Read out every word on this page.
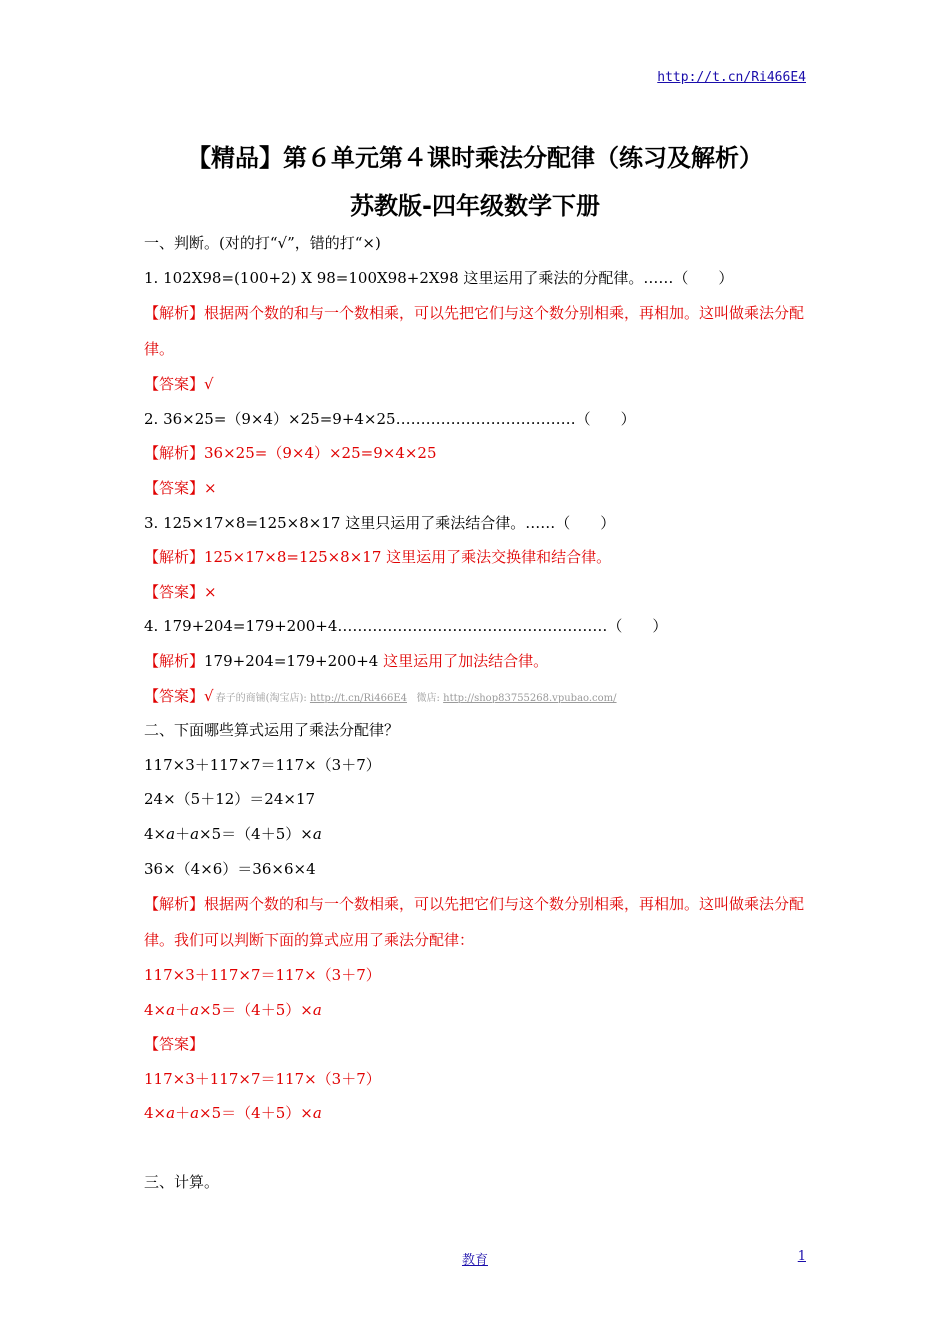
http://t.cn/Ri466E4
【精品】第６单元第４课时乘法分配律（练习及解析）
苏教版-四年级数学下册
一、判断。(对的打“√”，错的打“×)
1. 102X98=(100+2) X 98=100X98+2X98 这里运用了乘法的分配律。……（　　）
【解析】根据两个数的和与一个数相乘，可以先把它们与这个数分别相乘，再相加。这叫做乘法分配律。
【答案】√
2. 36×25=（9×4）×25=9+4×25………………………………（　　）
【解析】36×25=（9×4）×25=9×4×25
【答案】×
3. 125×17×8=125×8×17 这里只运用了乘法结合律。……（　　）
【解析】125×17×8=125×8×17 这里运用了乘法交换律和结合律。
【答案】×
4. 179+204=179+200+4………………………………………………（　　）
【解析】179+204=179+200+4 这里运用了加法结合律。
【答案】√ 春子的商铺(淘宝店): http://t.cn/Ri466E4 微店: http://shop83755268.vpubao.com/
二、下面哪些算式运用了乘法分配律？
117×3＋117×7＝117×（3＋7）
24×（5＋12）＝24×17
4×a＋a×5＝（4＋5）×a
36×（4×6）＝36×6×4
【解析】根据两个数的和与一个数相乘，可以先把它们与这个数分别相乘，再相加。这叫做乘法分配律。我们可以判断下面的算式应用了乘法分配律：
117×3＋117×7＝117×（3＋7）
4×a＋a×5＝（4＋5）×a
【答案】
117×3＋117×7＝117×（3＋7）
4×a＋a×5＝（4＋5）×a
三、计算。
教育	1
